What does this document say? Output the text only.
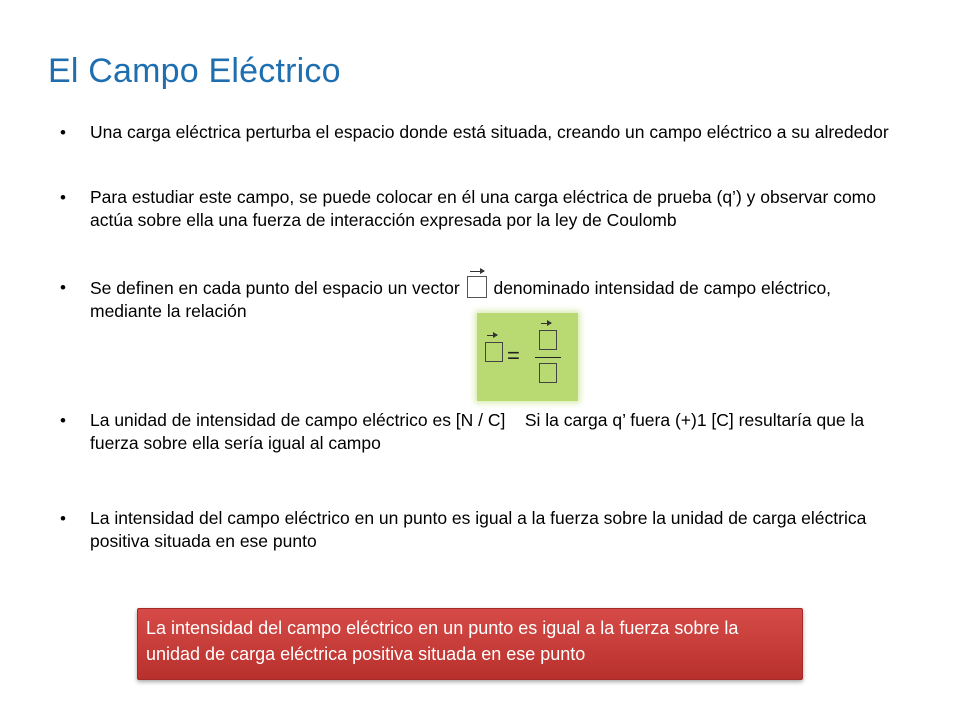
El Campo Eléctrico
• Una carga eléctrica perturba el espacio donde está situada, creando un campo eléctrico a su alrededor
• Para estudiar este campo, se puede colocar en él una carga eléctrica de prueba (q’) y observar como actúa sobre ella una fuerza de interacción expresada por la ley de Coulomb
• Se definen en cada punto del espacio un vector denominado intensidad de campo eléctrico, mediante la relación
=
• La unidad de intensidad de campo eléctrico es [N / C]    Si la carga q’ fuera (+)1 [C] resultaría que la fuerza sobre ella sería igual al campo
• La intensidad del campo eléctrico en un punto es igual a la fuerza sobre la unidad de carga eléctrica positiva situada en ese punto
La intensidad del campo eléctrico en un punto es igual a la fuerza sobre la unidad de carga eléctrica positiva situada en ese punto
